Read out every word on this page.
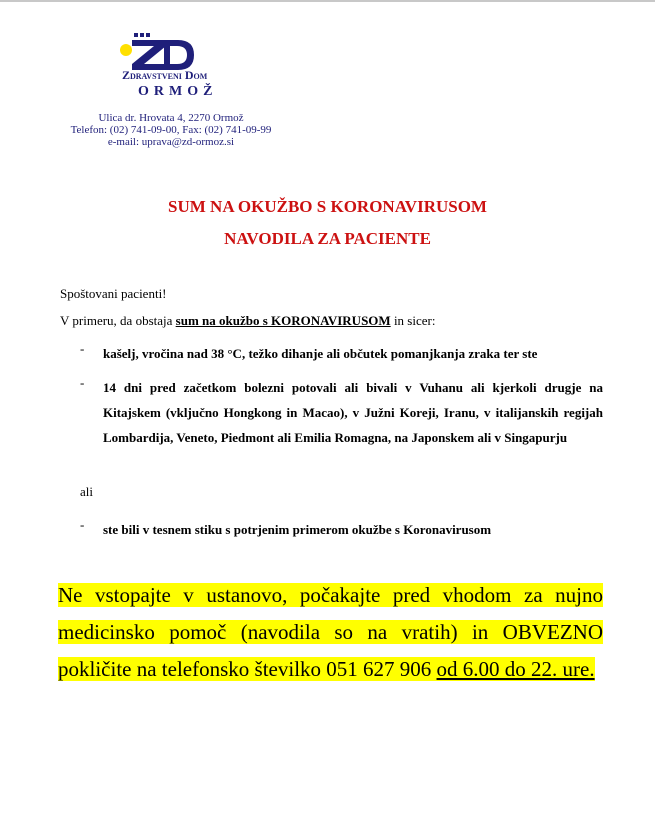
Zdravstveni Dom
ORMOŽ
Ulica dr. Hrovata 4, 2270 Ormož
Telefon: (02) 741-09-00, Fax: (02) 741-09-99
e-mail: uprava@zd-ormoz.si
SUM NA OKUŽBO S KORONAVIRUSOM
NAVODILA ZA PACIENTE
Spoštovani pacienti!
V primeru, da obstaja sum na okužbo s KORONAVIRUSOM in sicer:
- kašelj, vročina nad 38 °C, težko dihanje ali občutek pomanjkanja zraka ter ste
- 14 dni pred začetkom bolezni potovali ali bivali v Vuhanu ali kjerkoli drugje na Kitajskem (vključno Hongkong in Macao), v Južni Koreji, Iranu, v italijanskih regijah Lombardija, Veneto, Piedmont ali Emilia Romagna, na Japonskem ali v Singapurju
ali
- ste bili v tesnem stiku s potrjenim primerom okužbe s Koronavirusom
Ne vstopajte v ustanovo, počakajte pred vhodom za nujno medicinsko pomoč (navodila so na vratih) in OBVEZNO pokličite na telefonsko številko 051 627 906 od 6.00 do 22. ure.
